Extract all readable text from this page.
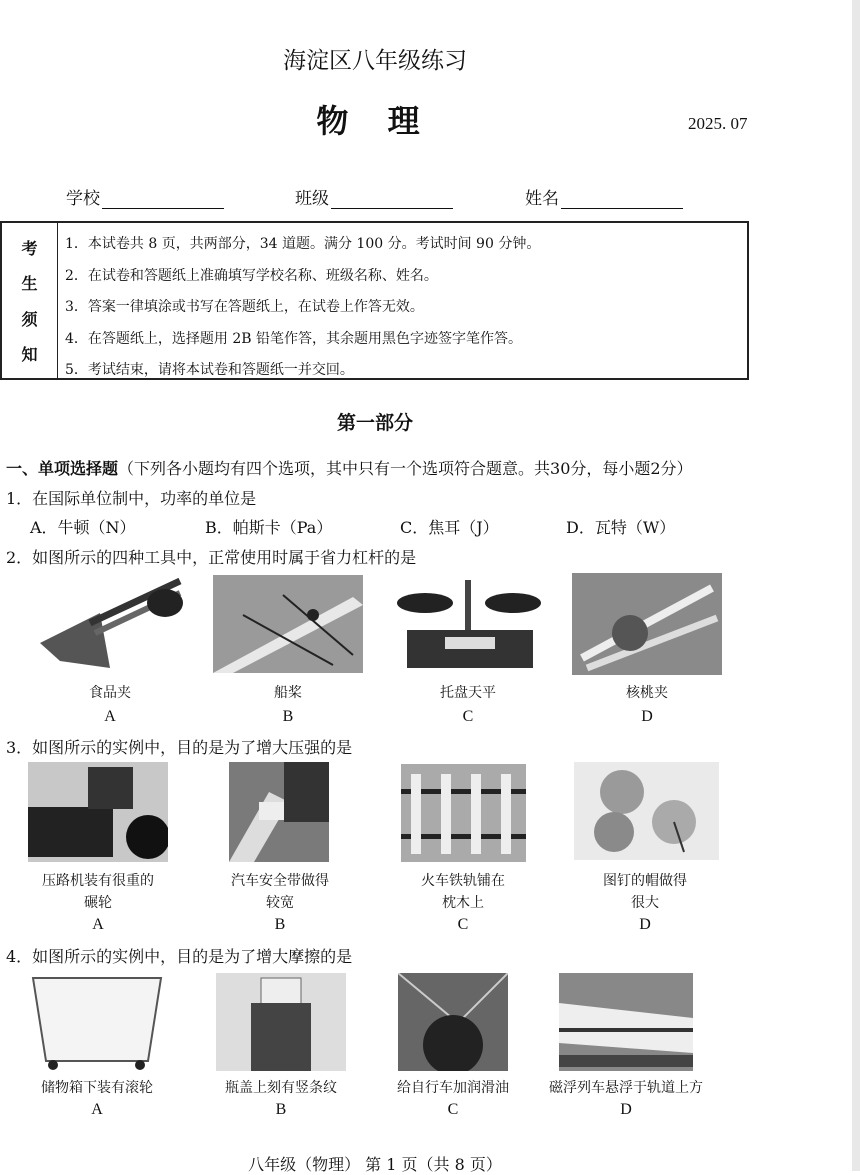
海淀区八年级练习
物 理	2025. 07
学校	班级	姓名
考
生
须
知
1．本试卷共 8 页，共两部分，34 道题。满分 100 分。考试时间 90 分钟。
2．在试卷和答题纸上准确填写学校名称、班级名称、姓名。
3．答案一律填涂或书写在答题纸上，在试卷上作答无效。
4．在答题纸上，选择题用 2B 铅笔作答，其余题用黑色字迹签字笔作答。
5．考试结束，请将本试卷和答题纸一并交回。
第一部分
一、单项选择题（下列各小题均有四个选项，其中只有一个选项符合题意。共30分，每小题2分）
1．在国际单位制中，功率的单位是
A．牛顿（N）	B．帕斯卡（Pa）	C．焦耳（J）	D．瓦特（W）
2．如图所示的四种工具中，正常使用时属于省力杠杆的是
食品夹	船桨	托盘天平	核桃夹
A	B	C	D
3．如图所示的实例中，目的是为了增大压强的是
压路机装有很重的
碾轮
汽车安全带做得
较宽
火车铁轨铺在
枕木上
图钉的帽做得
很大
A	B	C	D
4．如图所示的实例中，目的是为了增大摩擦的是
储物箱下装有滚轮	瓶盖上刻有竖条纹	给自行车加润滑油	磁浮列车悬浮于轨道上方
A	B	C	D
八年级（物理） 第 1 页（共 8 页）
